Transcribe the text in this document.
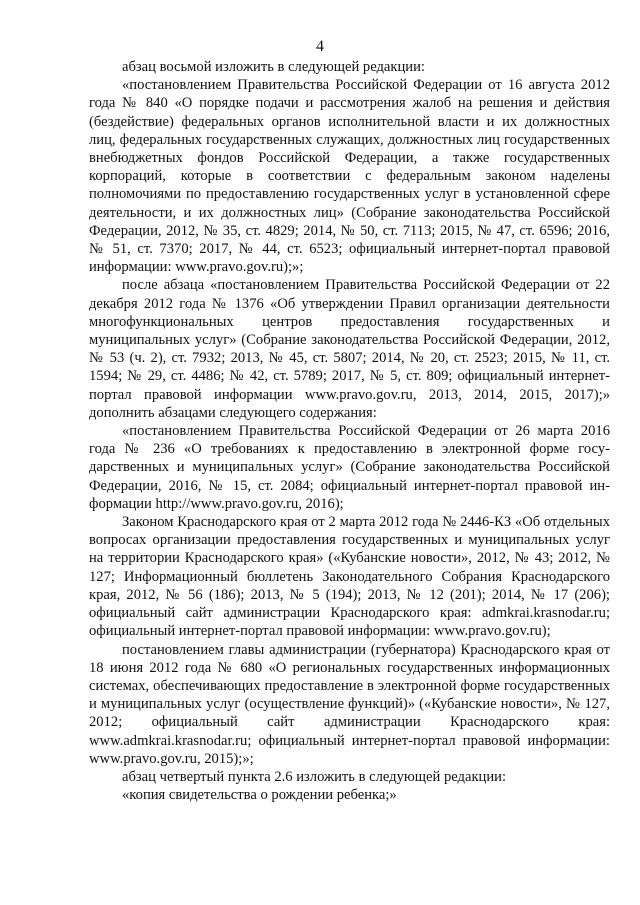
4

абзац восьмой изложить в следующей редакции:

«постановлением Правительства Российской Федерации от 16 августа 2012 года № 840 «О порядке подачи и рассмотрения жалоб на решения и действия (бездействие) федеральных органов исполнительной власти и их должностных лиц, федеральных государственных служащих, должностных лиц государственных внебюджетных фондов Российской Федерации, а также государственных корпораций, которые в соответствии с федеральным законом наделены полномочиями по предоставлению государственных услуг в установленной сфере деятельности, и их должностных лиц» (Собрание законодательства Российской Федерации, 2012, № 35, ст. 4829; 2014, № 50, ст. 7113; 2015, № 47, ст. 6596; 2016, № 51, ст. 7370; 2017, № 44, ст. 6523; официальный интернет-портал правовой информации: www.pravo.gov.ru);»;

после абзаца «постановлением Правительства Российской Федерации от 22 декабря 2012 года № 1376 «Об утверждении Правил организации деятельности многофункциональных центров предоставления государственных и муниципальных услуг» (Собрание законодательства Российской Федерации, 2012, № 53 (ч. 2), ст. 7932; 2013, № 45, ст. 5807; 2014, № 20, ст. 2523; 2015, № 11, ст. 1594; № 29, ст. 4486; № 42, ст. 5789; 2017, № 5, ст. 809; официальный интернет-портал правовой информации www.pravo.gov.ru, 2013, 2014, 2015, 2017);» дополнить абзацами следующего содержания:

«постановлением Правительства Российской Федерации от 26 марта 2016 года № 236 «О требованиях к предоставлению в электронной форме государственных и муниципальных услуг» (Собрание законодательства Российской Федерации, 2016, № 15, ст. 2084; официальный интернет-портал правовой информации http://www.pravo.gov.ru, 2016);

Законом Краснодарского края от 2 марта 2012 года № 2446-КЗ «Об отдельных вопросах организации предоставления государственных и муниципальных услуг на территории Краснодарского края» («Кубанские новости», 2012, № 43; 2012, № 127; Информационный бюллетень Законодательного Собрания Краснодарского края, 2012, № 56 (186); 2013, № 5 (194); 2013, № 12 (201); 2014, № 17 (206); официальный сайт администрации Краснодарского края: admkrai.krasnodar.ru; официальный интернет-портал правовой информации: www.pravo.gov.ru);

постановлением главы администрации (губернатора) Краснодарского края от 18 июня 2012 года № 680 «О региональных государственных информационных системах, обеспечивающих предоставление в электронной форме государственных и муниципальных услуг (осуществление функций)» («Кубанские новости», № 127, 2012; официальный сайт администрации Краснодарского края: www.admkrai.krasnodar.ru; официальный интернет-портал правовой информации: www.pravo.gov.ru, 2015);»;

абзац четвертый пункта 2.6 изложить в следующей редакции:

«копия свидетельства о рождении ребенка;»
